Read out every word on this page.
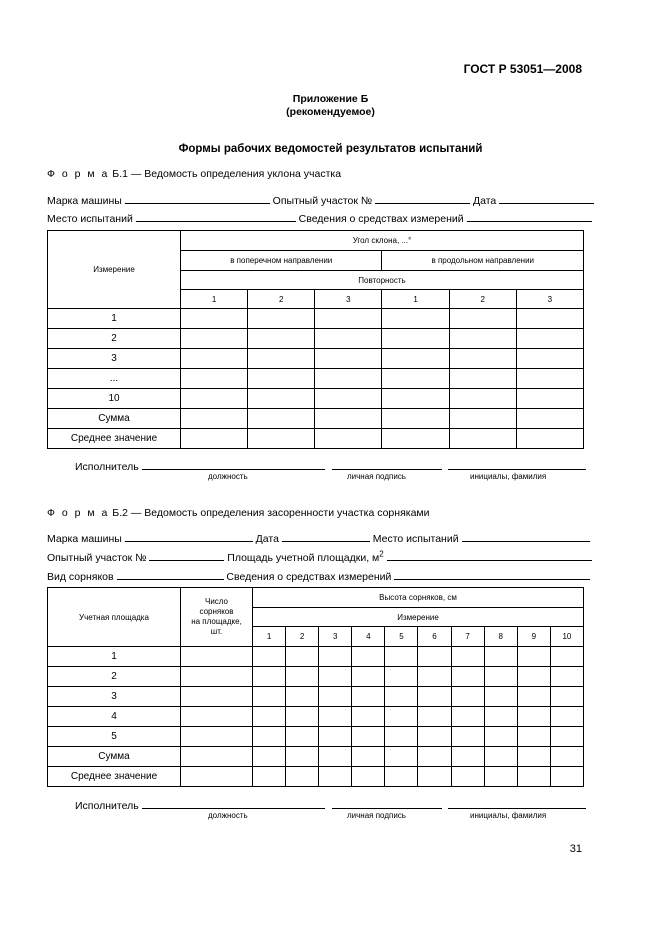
ГОСТ Р 53051—2008
Приложение Б
(рекомендуемое)
Формы рабочих ведомостей результатов испытаний
Ф о р м а Б.1 — Ведомость определения уклона участка
Марка машины	Опытный участок №	Дата
Место испытаний	Сведения о средствах измерений
Измерение	Угол склона, ...°					
	в поперечном направлении			в продольном направлении		
	Повторность					
	1	2	3	1	2	3
1						
2						
3						
...						
10						
Сумма						
Среднее значение						
Исполнитель
должность	личная подпись	инициалы, фамилия
Ф о р м а Б.2 — Ведомость определения засоренности участка сорняками
Марка машины	Дата	Место испытаний
Опытный участок №	Площадь учетной площадки, $м^2$
Вид сорняков	Сведения о средствах измерений
Учетная площадка	Число
сорняков
на площадке,
шт.	Высота сорняков, см									
		Измерение									
		1	2	3	4	5	6	7	8	9	10
1											
2											
3											
4											
5											
Сумма											
Среднее значение											
Исполнитель
должность	личная подпись	инициалы, фамилия
31
